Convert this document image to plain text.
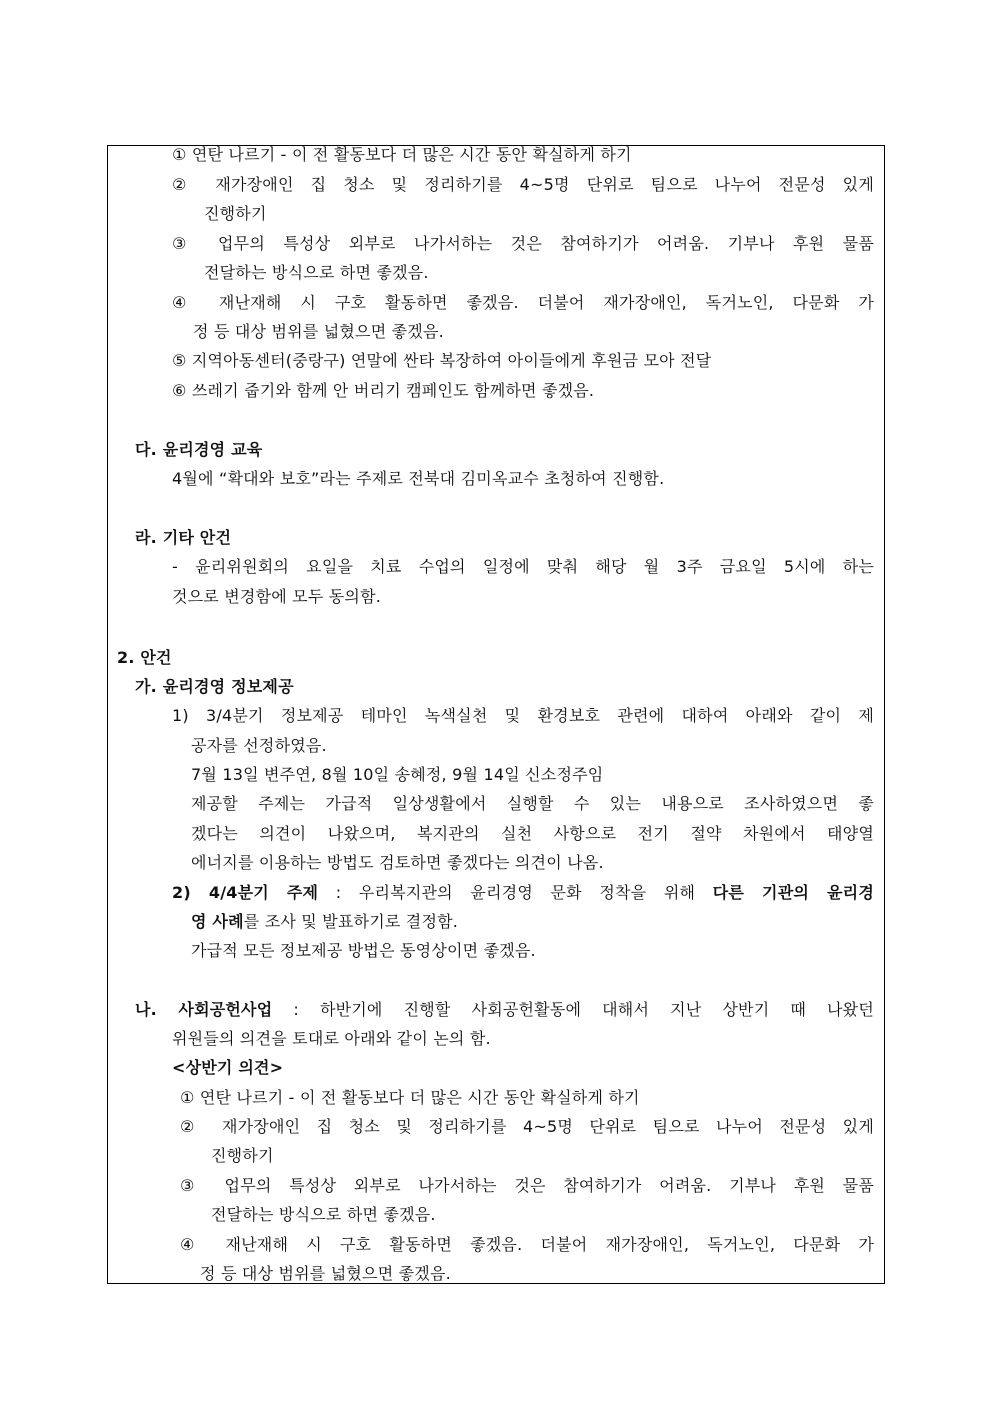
① 연탄 나르기 - 이 전 활동보다 더 많은 시간 동안 확실하게 하기
② 재가장애인 집 청소 및 정리하기를 4~5명 단위로 팀으로 나누어 전문성 있게
진행하기
③ 업무의 특성상 외부로 나가서하는 것은 참여하기가 어려움. 기부나 후원 물품
전달하는 방식으로 하면 좋겠음.
④ 재난재해 시 구호 활동하면 좋겠음. 더불어 재가장애인, 독거노인, 다문화 가
정 등 대상 범위를 넓혔으면 좋겠음.
⑤ 지역아동센터(중랑구) 연말에 싼타 복장하여 아이들에게 후원금 모아 전달
⑥ 쓰레기 줍기와 함께 안 버리기 캠페인도 함께하면 좋겠음.
다. 윤리경영 교육
4월에 “확대와 보호”라는 주제로 전북대 김미옥교수 초청하여 진행함.
라. 기타 안건
- 윤리위원회의 요일을 치료 수업의 일정에 맞춰 해당 월 3주 금요일 5시에 하는
것으로 변경함에 모두 동의함.
2. 안건
가. 윤리경영 정보제공
1) 3/4분기 정보제공 테마인 녹색실천 및 환경보호 관련에 대하여 아래와 같이 제
공자를 선정하였음.
7월 13일 변주연, 8월 10일 송혜정, 9월 14일 신소정주임
제공할 주제는 가급적 일상생활에서 실행할 수 있는 내용으로 조사하였으면 좋
겠다는 의견이 나왔으며, 복지관의 실천 사항으로 전기 절약 차원에서 태양열
에너지를 이용하는 방법도 검토하면 좋겠다는 의견이 나옴.
2) 4/4분기 주제 : 우리복지관의 윤리경영 문화 정착을 위해 다른 기관의 윤리경
영 사례를 조사 및 발표하기로 결정함.
가급적 모든 정보제공 방법은 동영상이면 좋겠음.
나. 사회공헌사업 : 하반기에 진행할 사회공헌활동에 대해서 지난 상반기 때 나왔던
위원들의 의견을 토대로 아래와 같이 논의 함.
<상반기 의견>
① 연탄 나르기 - 이 전 활동보다 더 많은 시간 동안 확실하게 하기
② 재가장애인 집 청소 및 정리하기를 4~5명 단위로 팀으로 나누어 전문성 있게
진행하기
③ 업무의 특성상 외부로 나가서하는 것은 참여하기가 어려움. 기부나 후원 물품
전달하는 방식으로 하면 좋겠음.
④ 재난재해 시 구호 활동하면 좋겠음. 더불어 재가장애인, 독거노인, 다문화 가
정 등 대상 범위를 넓혔으면 좋겠음.
